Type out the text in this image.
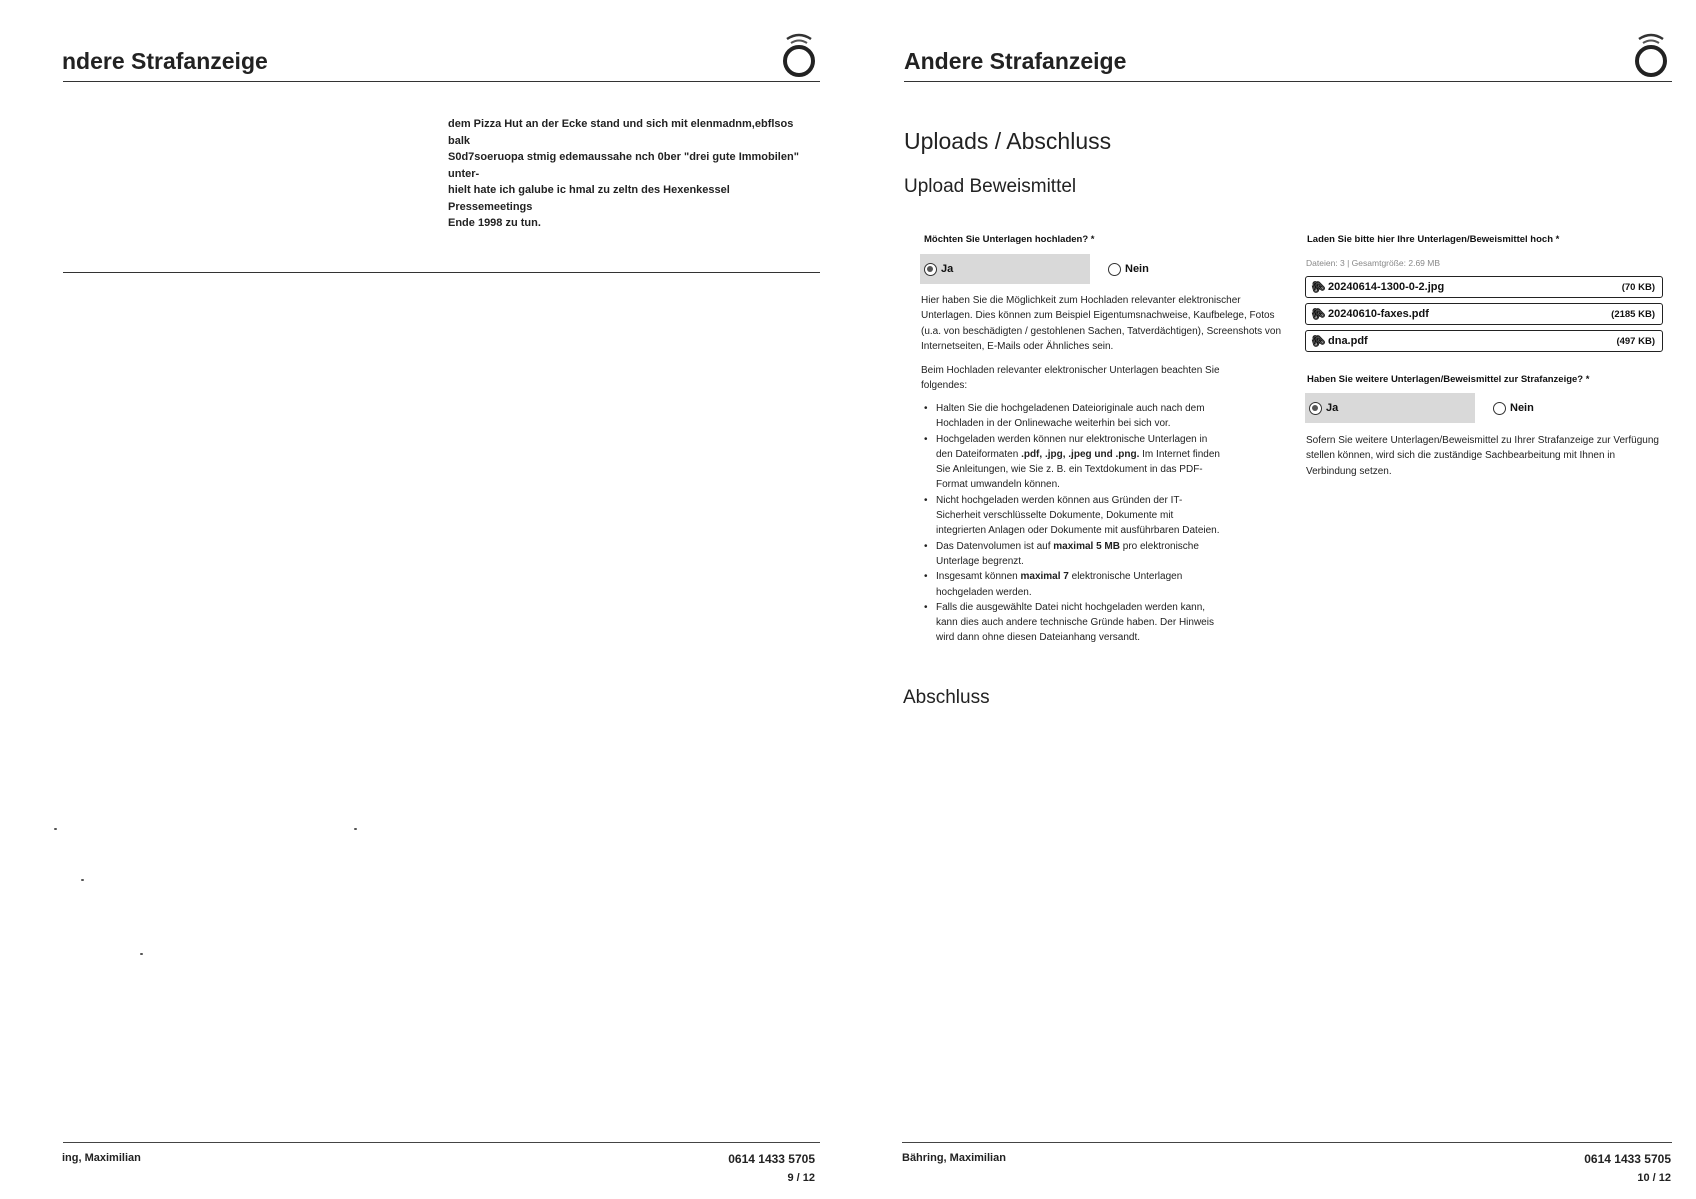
ndere Strafanzeige
dem Pizza Hut an der Ecke stand und sich mit elenmadnm,ebflsos
balk
S0d7soeruopa stmig edemaussahe nch 0ber "drei gute Immobilen"
unter-
hielt hate ich galube ic hmal zu zeltn des Hexenkessel
Pressemeetings
Ende 1998 zu tun.
ing, Maximilian	0614 1433 5705
9 / 12
Andere Strafanzeige
Uploads / Abschluss
Upload Beweismittel
Möchten Sie Unterlagen hochladen? *
Ja	Nein
Hier haben Sie die Möglichkeit zum Hochladen relevanter elektronischer Unterlagen. Dies können zum Beispiel Eigentumsnachweise, Kaufbelege, Fotos (u.a. von beschädigten / gestohlenen Sachen, Tatverdächtigen), Screenshots von Internetseiten, E-Mails oder Ähnliches sein.
Beim Hochladen relevanter elektronischer Unterlagen beachten Sie folgendes:
• Halten Sie die hochgeladenen Dateioriginale auch nach dem Hochladen in der Onlinewache weiterhin bei sich vor.
• Hochgeladen werden können nur elektronische Unterlagen in den Dateiformaten .pdf, .jpg, .jpeg und .png. Im Internet finden Sie Anleitungen, wie Sie z. B. ein Textdokument in das PDF-Format umwandeln können.
• Nicht hochgeladen werden können aus Gründen der IT-Sicherheit verschlüsselte Dokumente, Dokumente mit integrierten Anlagen oder Dokumente mit ausführbaren Dateien.
• Das Datenvolumen ist auf maximal 5 MB pro elektronische Unterlage begrenzt.
• Insgesamt können maximal 7 elektronische Unterlagen hochgeladen werden.
• Falls die ausgewählte Datei nicht hochgeladen werden kann, kann dies auch andere technische Gründe haben. Der Hinweis wird dann ohne diesen Dateianhang versandt.
Laden Sie bitte hier Ihre Unterlagen/Beweismittel hoch *
Dateien: 3 | Gesamtgröße: 2.69 MB
🖇 20240614-1300-0-2.jpg	(70 KB)
🖇 20240610-faxes.pdf	(2185 KB)
🖇 dna.pdf	(497 KB)
Haben Sie weitere Unterlagen/Beweismittel zur Strafanzeige? *
Ja	Nein
Sofern Sie weitere Unterlagen/Beweismittel zu Ihrer Strafanzeige zur Verfügung stellen können, wird sich die zuständige Sachbearbeitung mit Ihnen in Verbindung setzen.
Abschluss
Bähring, Maximilian	0614 1433 5705
10 / 12
